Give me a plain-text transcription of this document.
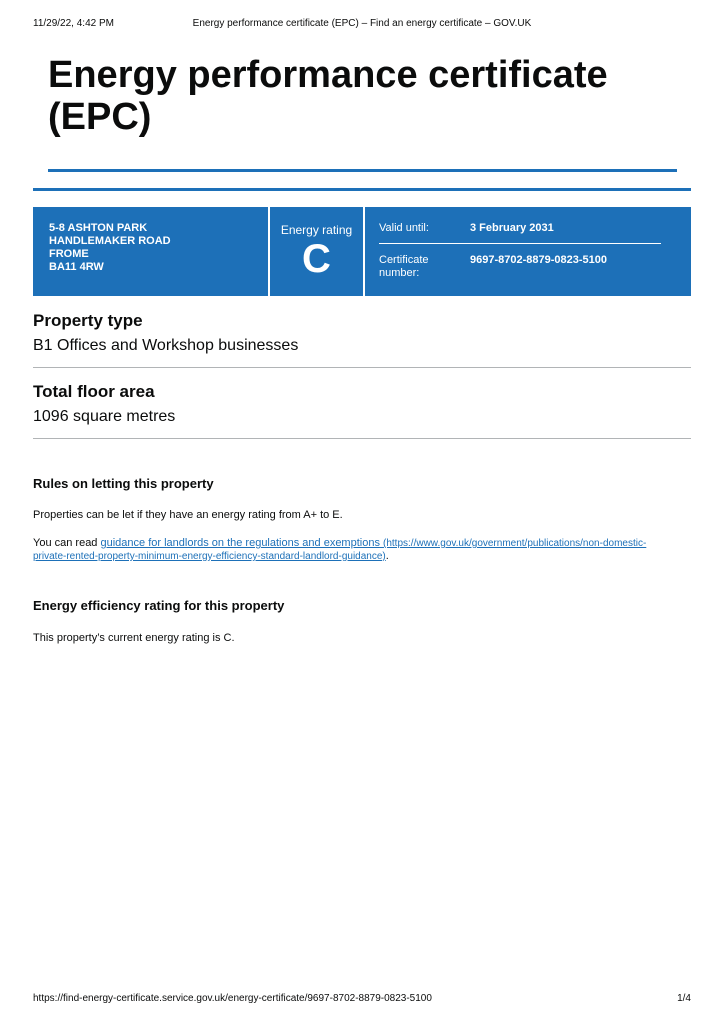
11/29/22, 4:42 PM	Energy performance certificate (EPC) – Find an energy certificate – GOV.UK
Energy performance certificate (EPC)
5-8 ASHTON PARK
HANDLEMAKER ROAD
FROME
BA11 4RW
Energy rating
C
Valid until:	3 February 2031
Certificate number:
9697-8702-8879-0823-5100
Property type
B1 Offices and Workshop businesses
Total floor area
1096 square metres
Rules on letting this property

Properties can be let if they have an energy rating from A+ to E.

You can read guidance for landlords on the regulations and exemptions (https://www.gov.uk/government/publications/non-domestic-private-rented-property-minimum-energy-efficiency-standard-landlord-guidance).

Energy efficiency rating for this property

This property’s current energy rating is C.

https://find-energy-certificate.service.gov.uk/energy-certificate/9697-8702-8879-0823-5100	1/4
